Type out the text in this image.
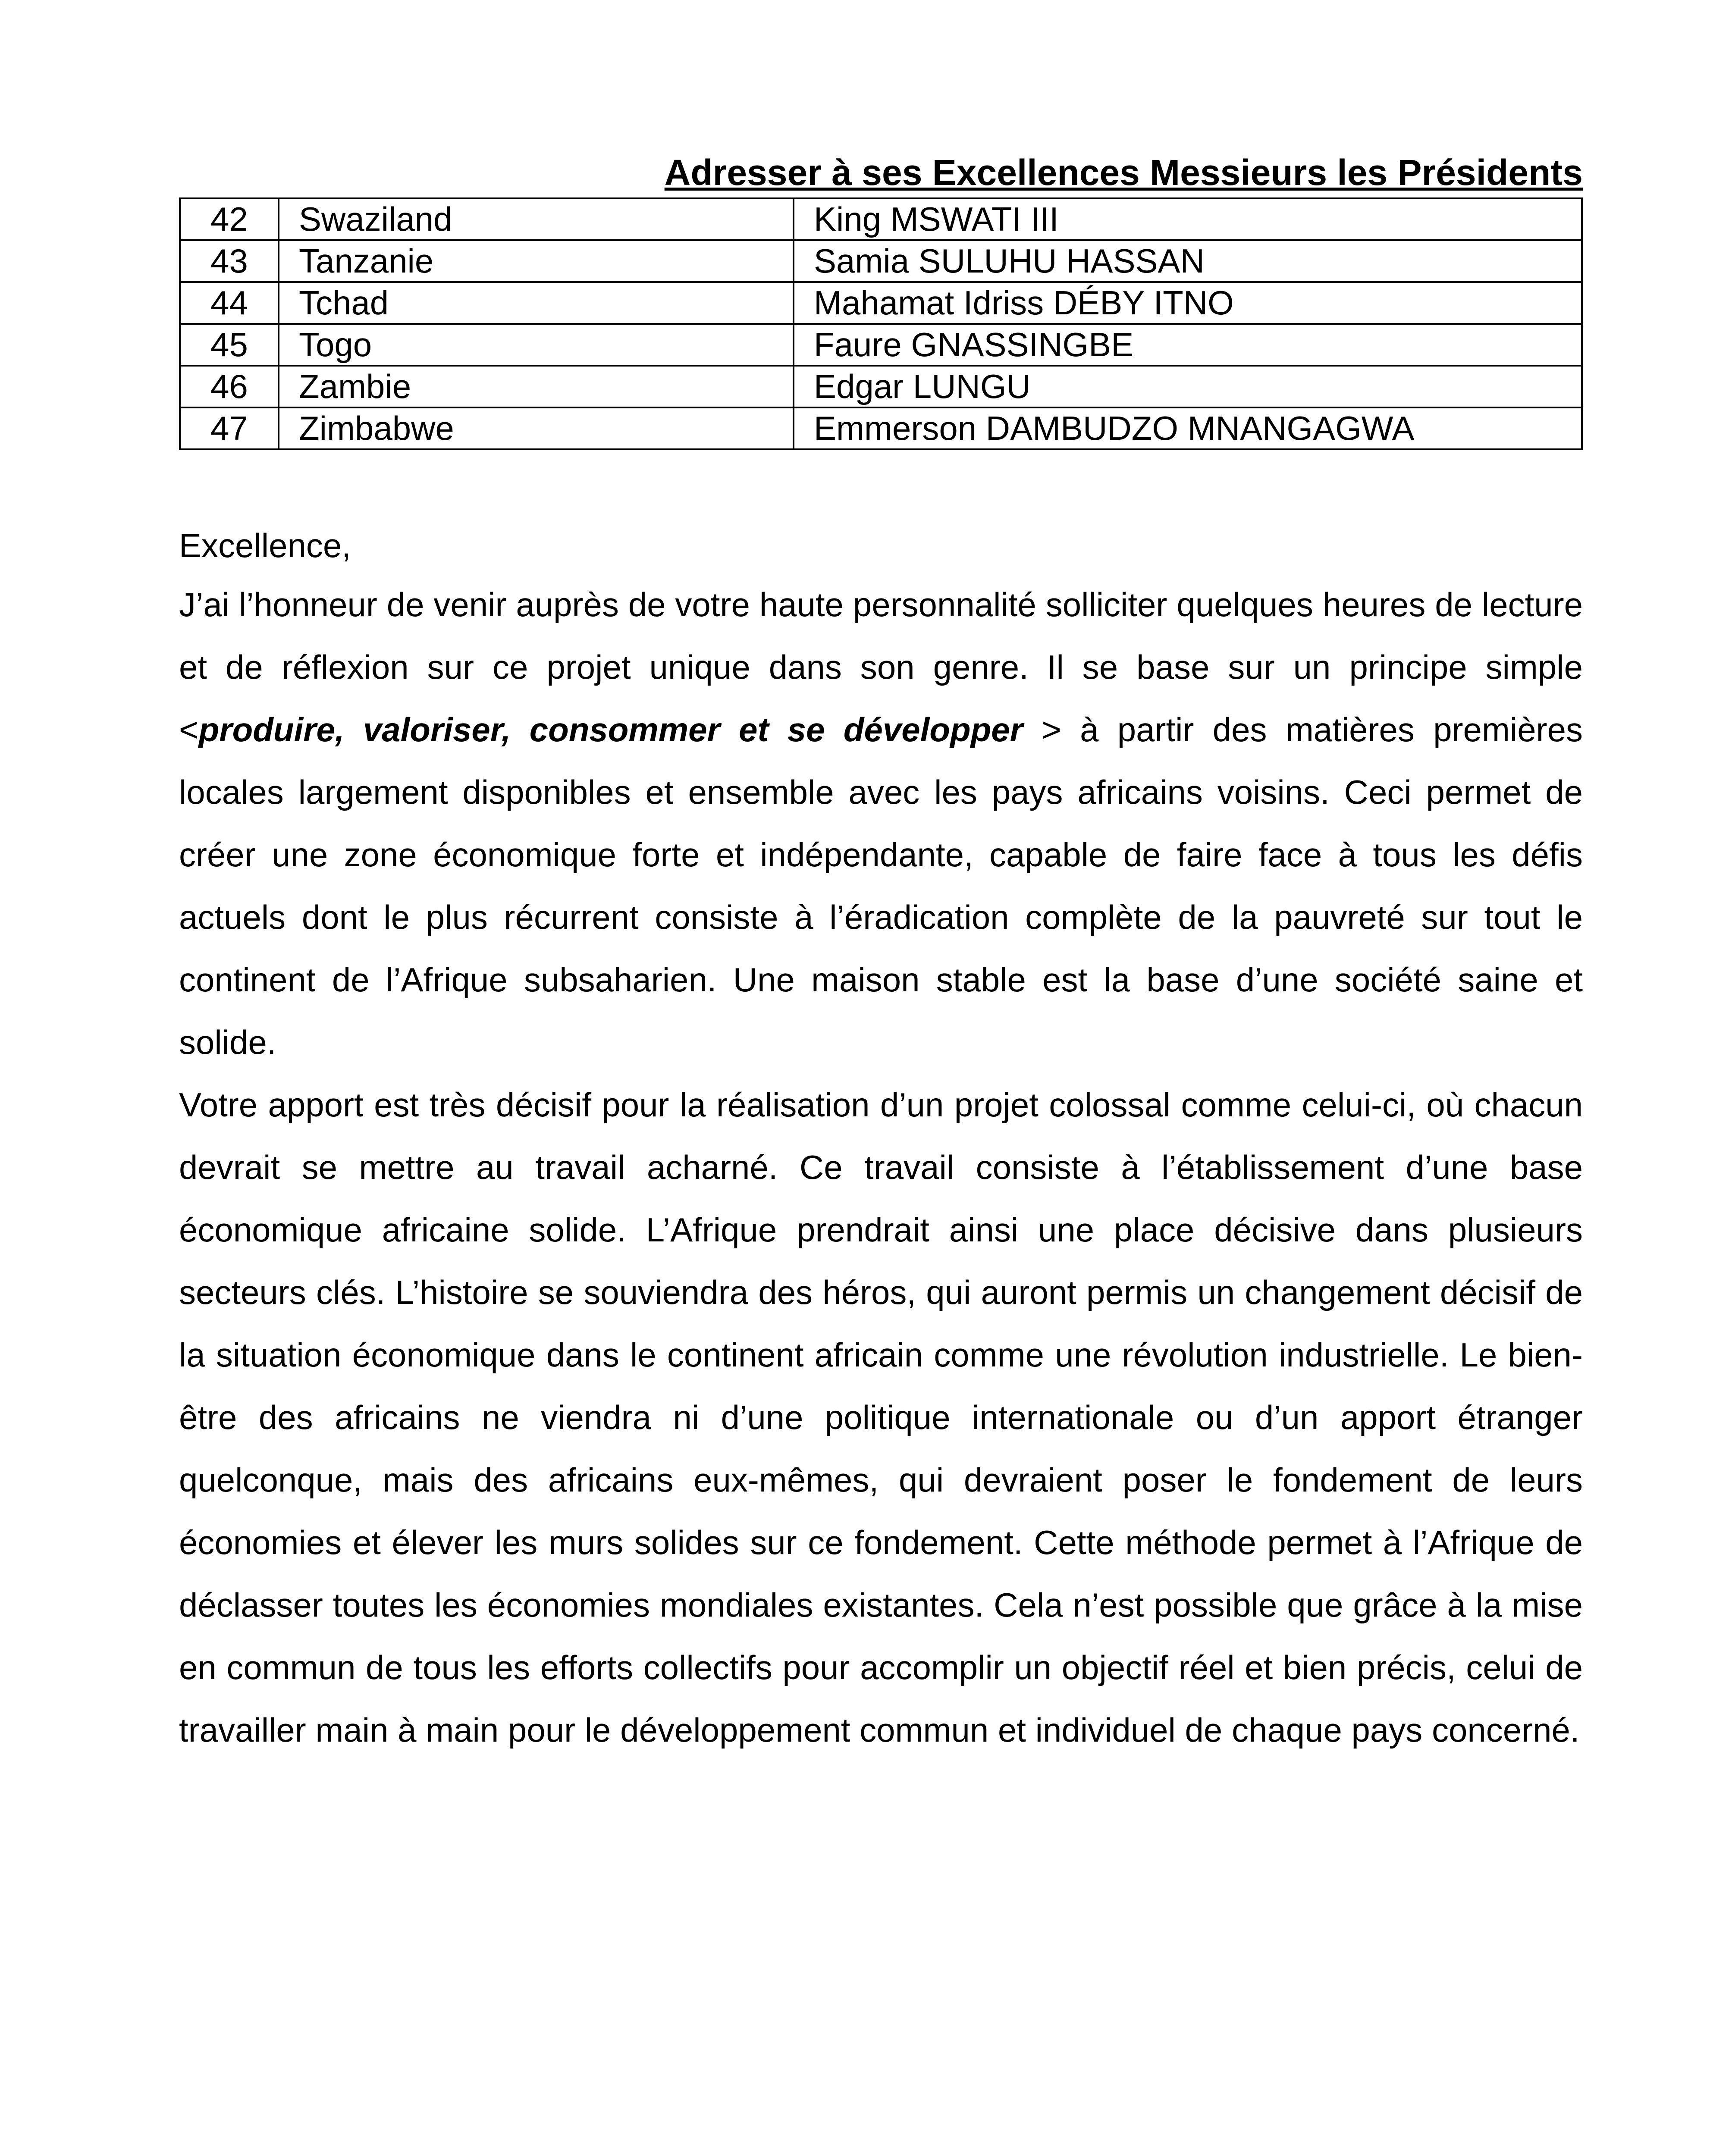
Adresser à ses Excellences Messieurs les Présidents
42	Swaziland	King MSWATI III
43	Tanzanie	Samia SULUHU HASSAN
44	Tchad	Mahamat Idriss DÉBY ITNO
45	Togo	Faure GNASSINGBE
46	Zambie	Edgar LUNGU
47	Zimbabwe	Emmerson DAMBUDZO MNANGAGWA
Excellence,

J’ai l’honneur de venir auprès de votre haute personnalité solliciter quelques heures de lecture et de réflexion sur ce projet unique dans son genre. Il se base sur un principe simple <produire, valoriser, consommer et se développer > à partir des matières premières locales largement disponibles et ensemble avec les pays africains voisins. Ceci permet de créer une zone économique forte et indépendante, capable de faire face à tous les défis actuels dont le plus récurrent consiste à l’éradication complète de la pauvreté sur tout le continent de l’Afrique subsaharien. Une maison stable est la base d’une société saine et solide.

Votre apport est très décisif pour la réalisation d’un projet colossal comme celui-ci, où chacun devrait se mettre au travail acharné. Ce travail consiste à l’établissement d’une base économique africaine solide. L’Afrique prendrait ainsi une place décisive dans plusieurs secteurs clés. L’histoire se souviendra des héros, qui auront permis un changement décisif de la situation économique dans le continent africain comme une révolution industrielle. Le bien-être des africains ne viendra ni d’une politique internationale ou d’un apport étranger quelconque, mais des africains eux-mêmes, qui devraient poser le fondement de leurs économies et élever les murs solides sur ce fondement. Cette méthode permet à l’Afrique de déclasser toutes les économies mondiales existantes. Cela n’est possible que grâce à la mise en commun de tous les efforts collectifs pour accomplir un objectif réel et bien précis, celui de travailler main à main pour le développement commun et individuel de chaque pays concerné.
